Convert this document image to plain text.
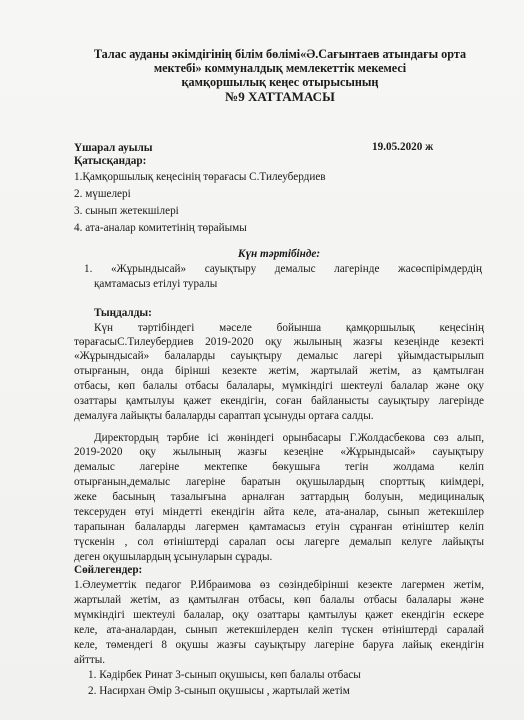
Талас ауданы әкімдігінің білім бөлімі«Ә.Сағынтаев атындағы орта
мектебі» коммуналдық мемлекеттік мекемесі
қамқоршылық кеңес отырысының
№9 ХАТТАМАСЫ
Үшарал ауылы	19.05.2020 ж
Қатысқандар:
1.Қамқоршылық кеңесінің төрағасы С.Тилеубердиев
2. мүшелері
3. сынып жетекшілері
4. ата-аналар комитетінің төрайымы
Күн тәртібінде:
1. «Жұрындысай» сауықтыру демалыс лагерінде жасөспірімдердің
қамтамасыз етілуі туралы
Тыңдалды:
Күн тәртібіндегі мәселе бойынша қамқоршылық кеңесінің
төрағасыС.Тилеубердиев 2019-2020 оқу жылының жазғы кезеңінде кезекті
«Жұрындысай» балаларды сауықтыру демалыс лагері ұйымдастырылып
отырғанын, онда бірінші кезекте жетім, жартылай жетім, аз қамтылған
отбасы, көп балалы отбасы балалары, мүмкіндігі шектеулі балалар және оқу
озаттары қамтылуы қажет екендігін, соған байланысты сауықтыру лагерінде
демалуға лайықты балаларды сараптап ұсынуды ортаға салды.
Директордың тәрбие ісі жөніндегі орынбасары Г.Жолдасбекова сөз алып,
2019-2020 оқу жылының жазғы кезеңіне «Жұрындысай» сауықтыру
демалыс лагеріне мектепке бөкушыға тегін жолдама келіп
отырғанын,демалыс лагеріне баратын оқушылардың спорттық киімдері,
жеке басының тазалығына арналған заттардың болуын, медициналық
тексеруден өтуі міндетті екендігін айта келе, ата-аналар, сынып жетекшілер
тарапынан балаларды лагермен қамтамасыз етуін сұранған өтініштер келіп
түскенін , сол өтініштерді саралап осы лагерге демалып келуге лайықты
деген оқушылардың ұсынуларын сұрады.
Сөйлегендер:
1.Әлеуметтік педагог Р.Ибраимова өз сөзіндебірінші кезекте лагермен жетім,
жартылай жетім, аз қамтылған отбасы, көп балалы отбасы балалары және
мүмкіндігі шектеулі балалар, оқу озаттары қамтылуы қажет екендігін ескере
келе, ата-аналардан, сынып жетекшілерден келіп түскен өтініштерді саралай
келе, төмендегі 8 оқушы жазғы сауықтыру лагеріне баруға лайық екендігін
айтты.
1. Кәдірбек Ринат 3-сынып оқушысы, көп балалы отбасы
2. Насирхан Әмір 3-сынып оқушысы , жартылай жетім
